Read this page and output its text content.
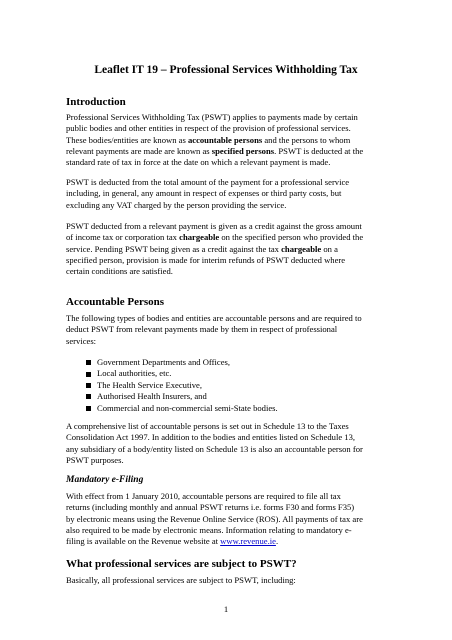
Leaflet IT 19 – Professional Services Withholding Tax
Introduction
Professional Services Withholding Tax (PSWT) applies to payments made by certain
public bodies and other entities in respect of the provision of professional services.
These bodies/entities are known as accountable persons and the persons to whom
relevant payments are made are known as specified persons. PSWT is deducted at the
standard rate of tax in force at the date on which a relevant payment is made.
PSWT is deducted from the total amount of the payment for a professional service
including, in general, any amount in respect of expenses or third party costs, but
excluding any VAT charged by the person providing the service.
PSWT deducted from a relevant payment is given as a credit against the gross amount
of income tax or corporation tax chargeable on the specified person who provided the
service. Pending PSWT being given as a credit against the tax chargeable on a
specified person, provision is made for interim refunds of PSWT deducted where
certain conditions are satisfied.
Accountable Persons
The following types of bodies and entities are accountable persons and are required to
deduct PSWT from relevant payments made by them in respect of professional
services:
Government Departments and Offices,
Local authorities, etc.
The Health Service Executive,
Authorised Health Insurers, and
Commercial and non-commercial semi-State bodies.
A comprehensive list of accountable persons is set out in Schedule 13 to the Taxes
Consolidation Act 1997. In addition to the bodies and entities listed on Schedule 13,
any subsidiary of a body/entity listed on Schedule 13 is also an accountable person for
PSWT purposes.
Mandatory e-Filing
With effect from 1 January 2010, accountable persons are required to file all tax
returns (including monthly and annual PSWT returns i.e. forms F30 and forms F35)
by electronic means using the Revenue Online Service (ROS). All payments of tax are
also required to be made by electronic means. Information relating to mandatory e-
filing is available on the Revenue website at www.revenue.ie.
What professional services are subject to PSWT?
Basically, all professional services are subject to PSWT, including:
1
